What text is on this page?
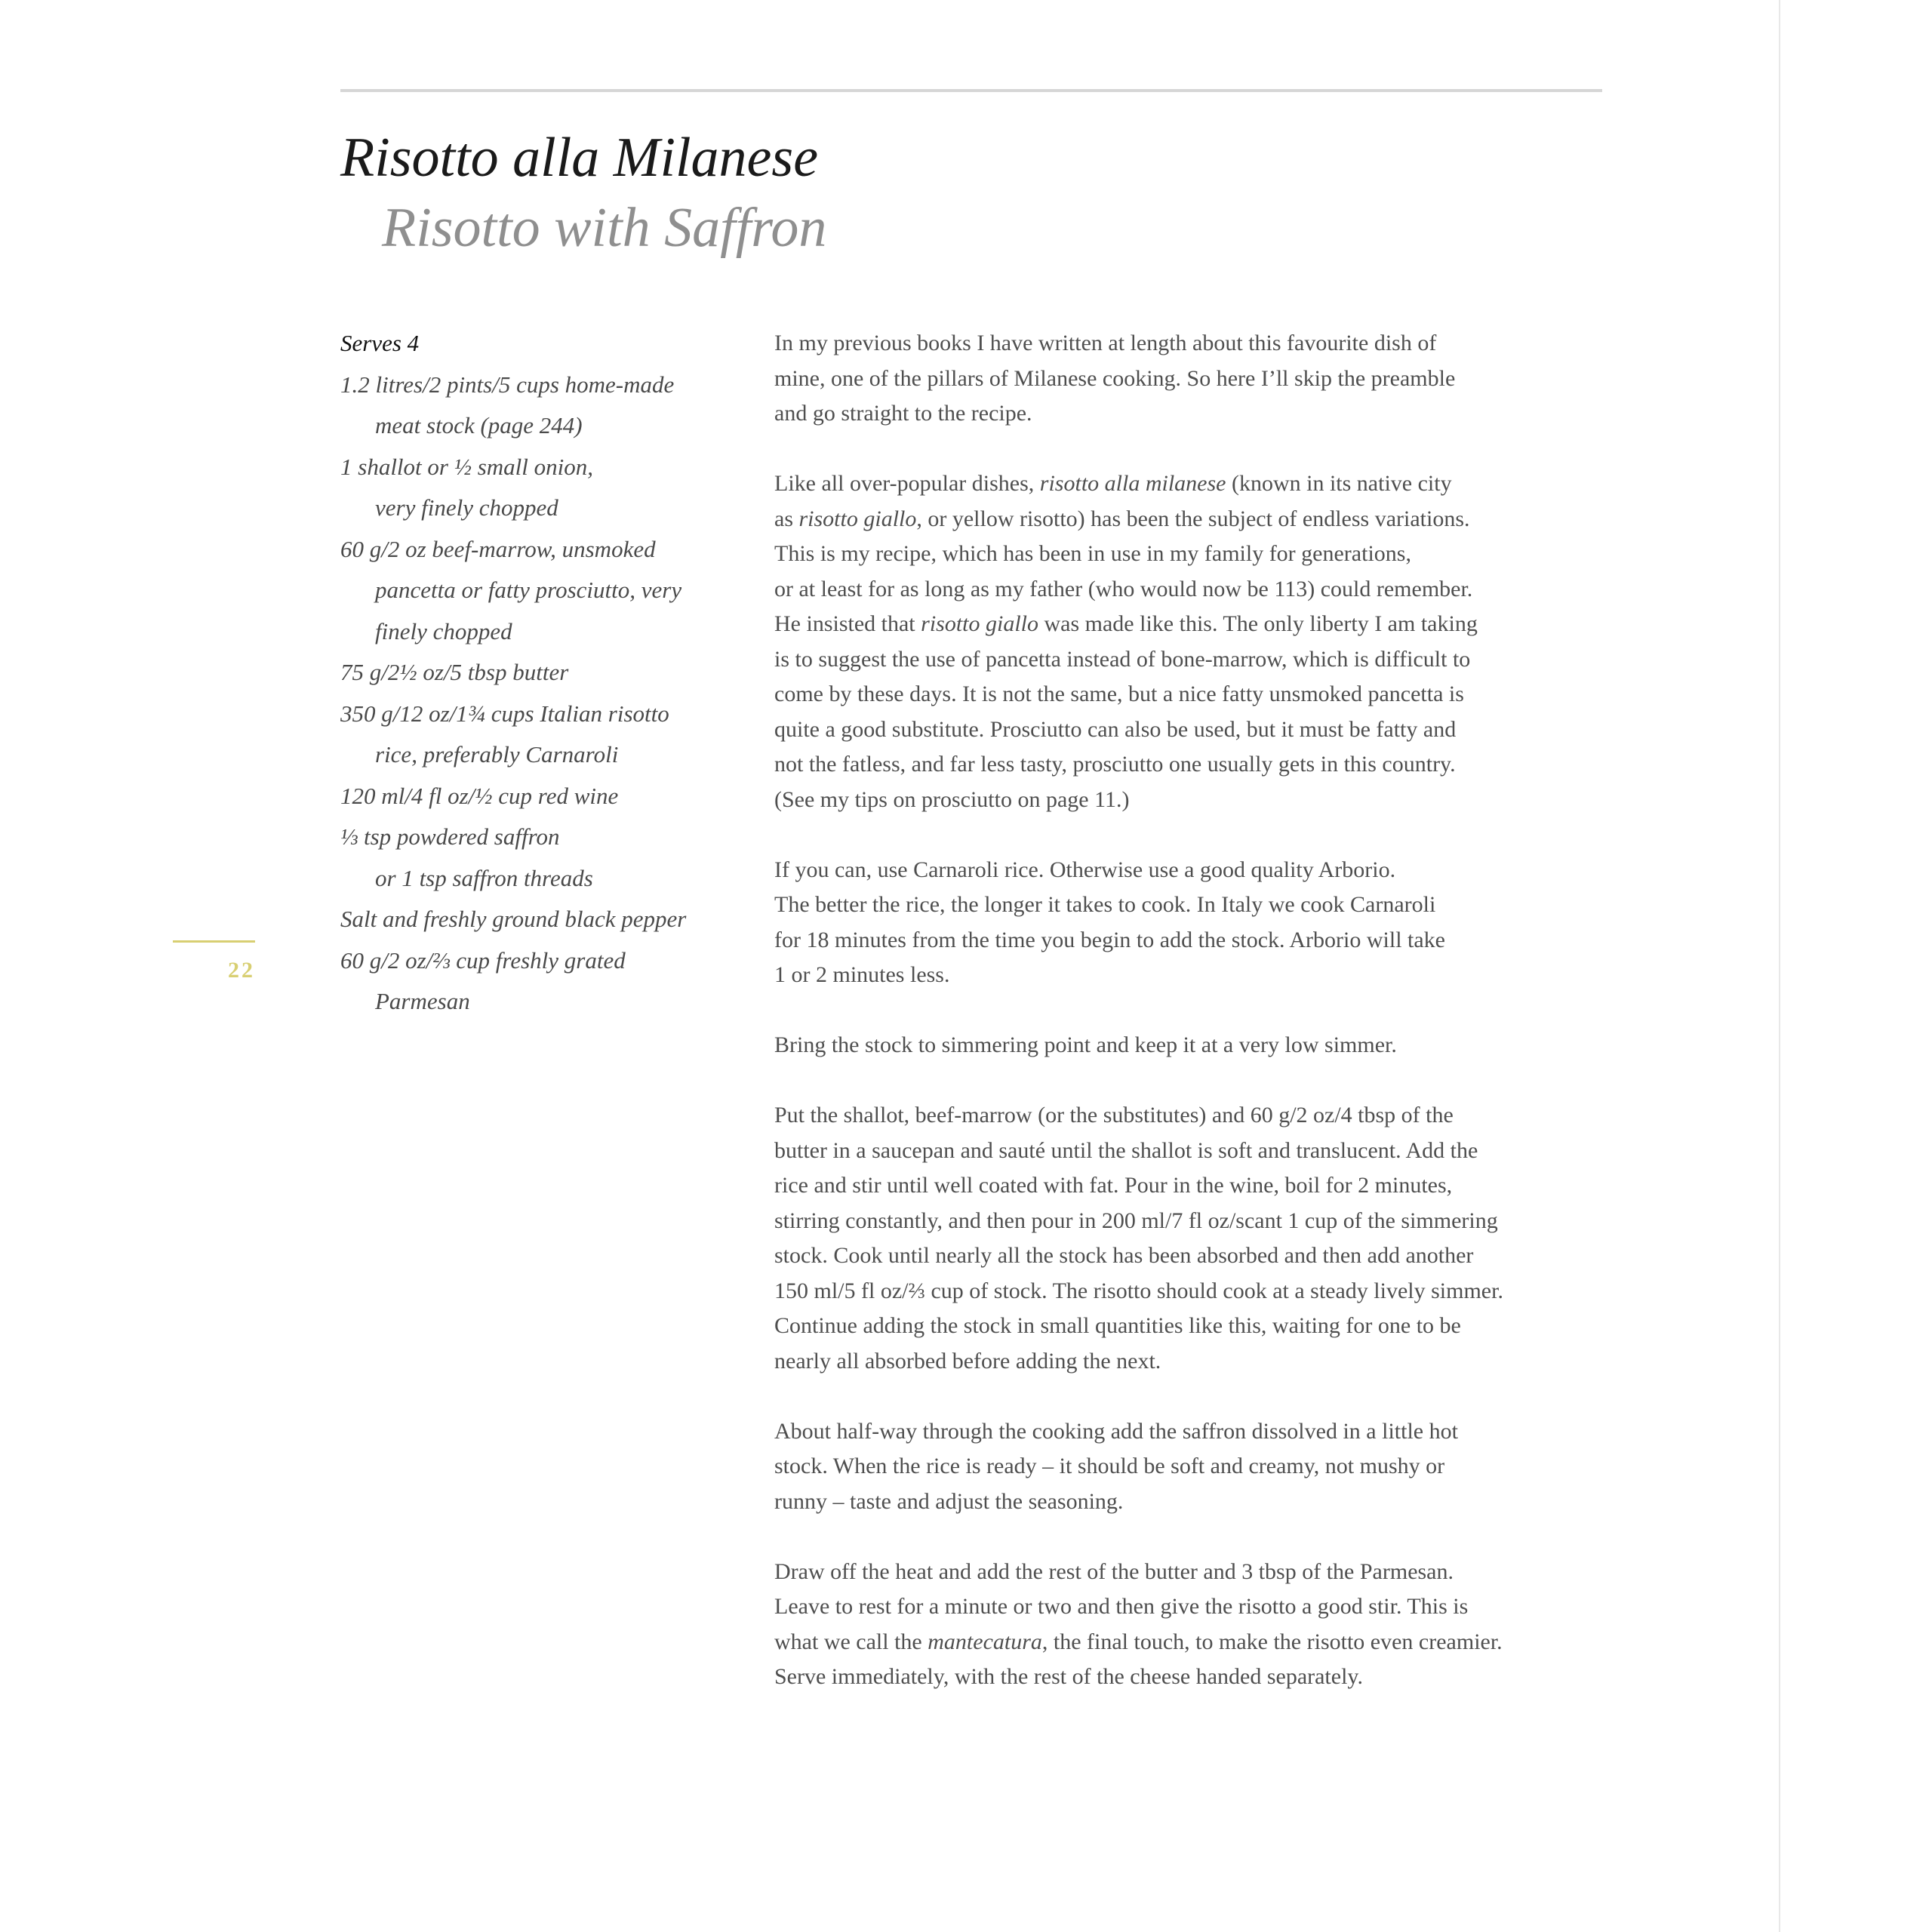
Risotto alla Milanese
Risotto with Saffron
22
Serves 4
1.2 litres/2 pints/5 cups home-made
meat stock (page 244)
1 shallot or ½ small onion,
very finely chopped
60 g/2 oz beef-marrow, unsmoked
pancetta or fatty prosciutto, very
finely chopped
75 g/2½ oz/5 tbsp butter
350 g/12 oz/1¾ cups Italian risotto
rice, preferably Carnaroli
120 ml/4 fl oz/½ cup red wine
⅓ tsp powdered saffron
or 1 tsp saffron threads
Salt and freshly ground black pepper
60 g/2 oz/⅔ cup freshly grated
Parmesan
In my previous books I have written at length about this favourite dish of
mine, one of the pillars of Milanese cooking. So here I’ll skip the preamble
and go straight to the recipe.
Like all over-popular dishes, risotto alla milanese (known in its native city
as risotto giallo, or yellow risotto) has been the subject of endless variations.
This is my recipe, which has been in use in my family for generations,
or at least for as long as my father (who would now be 113) could remember.
He insisted that risotto giallo was made like this. The only liberty I am taking
is to suggest the use of pancetta instead of bone-marrow, which is difficult to
come by these days. It is not the same, but a nice fatty unsmoked pancetta is
quite a good substitute. Prosciutto can also be used, but it must be fatty and
not the fatless, and far less tasty, prosciutto one usually gets in this country.
(See my tips on prosciutto on page 11.)
If you can, use Carnaroli rice. Otherwise use a good quality Arborio.
The better the rice, the longer it takes to cook. In Italy we cook Carnaroli
for 18 minutes from the time you begin to add the stock. Arborio will take
1 or 2 minutes less.
Bring the stock to simmering point and keep it at a very low simmer.
Put the shallot, beef-marrow (or the substitutes) and 60 g/2 oz/4 tbsp of the
butter in a saucepan and sauté until the shallot is soft and translucent. Add the
rice and stir until well coated with fat. Pour in the wine, boil for 2 minutes,
stirring constantly, and then pour in 200 ml/7 fl oz/scant 1 cup of the simmering
stock. Cook until nearly all the stock has been absorbed and then add another
150 ml/5 fl oz/⅔ cup of stock. The risotto should cook at a steady lively simmer.
Continue adding the stock in small quantities like this, waiting for one to be
nearly all absorbed before adding the next.
About half-way through the cooking add the saffron dissolved in a little hot
stock. When the rice is ready – it should be soft and creamy, not mushy or
runny – taste and adjust the seasoning.
Draw off the heat and add the rest of the butter and 3 tbsp of the Parmesan.
Leave to rest for a minute or two and then give the risotto a good stir. This is
what we call the mantecatura, the final touch, to make the risotto even creamier.
Serve immediately, with the rest of the cheese handed separately.
